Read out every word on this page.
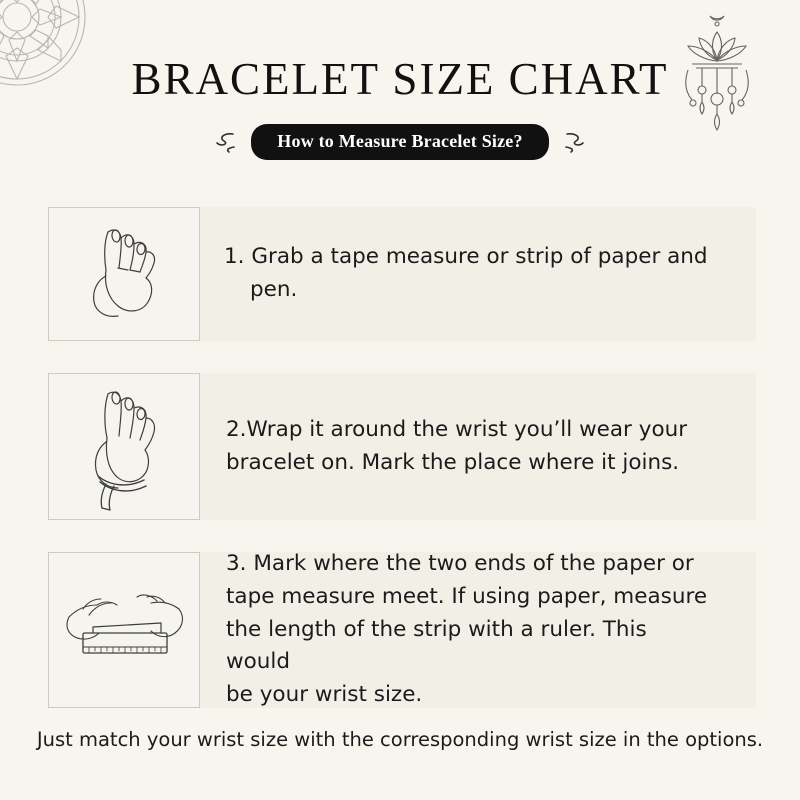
BRACELET SIZE CHART
How to Measure Bracelet Size?
1. Grab a tape measure or strip of paper and
pen.
2.Wrap it around the wrist you’ll wear your
bracelet on. Mark the place where it joins.
3. Mark where the two ends of the paper or
tape measure meet. If using paper, measure
the length of the strip with a ruler. This would
be your wrist size.
Just match your wrist size with the corresponding wrist size in the options.
